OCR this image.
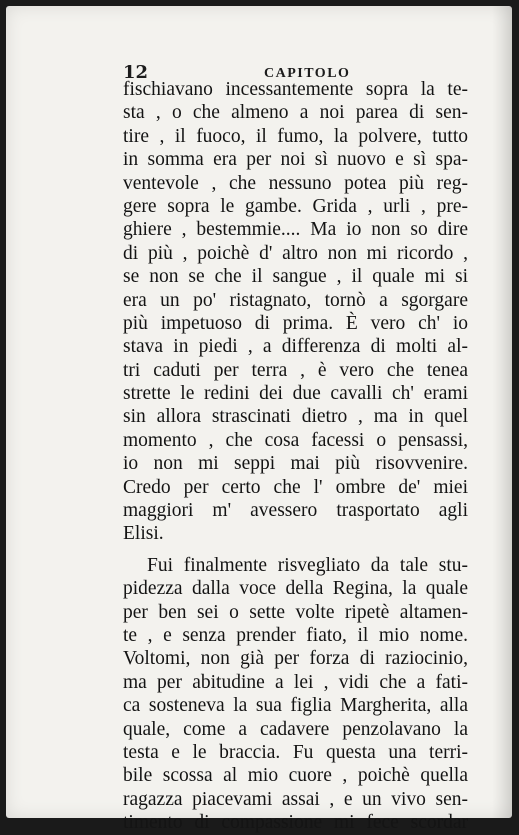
12	CAPITOLO
fischiavano incessantemente sopra la te-
sta , o che almeno a noi parea di sen-
tire , il fuoco, il fumo, la polvere, tutto
in somma era per noi sì nuovo e sì spa-
ventevole , che nessuno potea più reg-
gere sopra le gambe. Grida , urli , pre-
ghiere , bestemmie.... Ma io non so dire
di più , poichè d' altro non mi ricordo ,
se non se che il sangue , il quale mi si
era un po' ristagnato, tornò a sgorgare
più impetuoso di prima. È vero ch' io
stava in piedi , a differenza di molti al-
tri caduti per terra , è vero che tenea
strette le redini dei due cavalli ch' erami
sin allora strascinati dietro , ma in quel
momento , che cosa facessi o pensassi,
io non mi seppi mai più risovvenire.
Credo per certo che l' ombre de' miei
maggiori m' avessero trasportato agli
Elisi.
Fui finalmente risvegliato da tale stu-
pidezza dalla voce della Regina, la quale
per ben sei o sette volte ripetè altamen-
te , e senza prender fiato, il mio nome.
Voltomi, non già per forza di raziocinio,
ma per abitudine a lei , vidi che a fati-
ca sosteneva la sua figlia Margherita, alla
quale, come a cadavere penzolavano la
testa e le braccia. Fu questa una terri-
bile scossa al mio cuore , poichè quella
ragazza piacevami assai , e un vivo sen-
timento di compassione mi fece scordar
